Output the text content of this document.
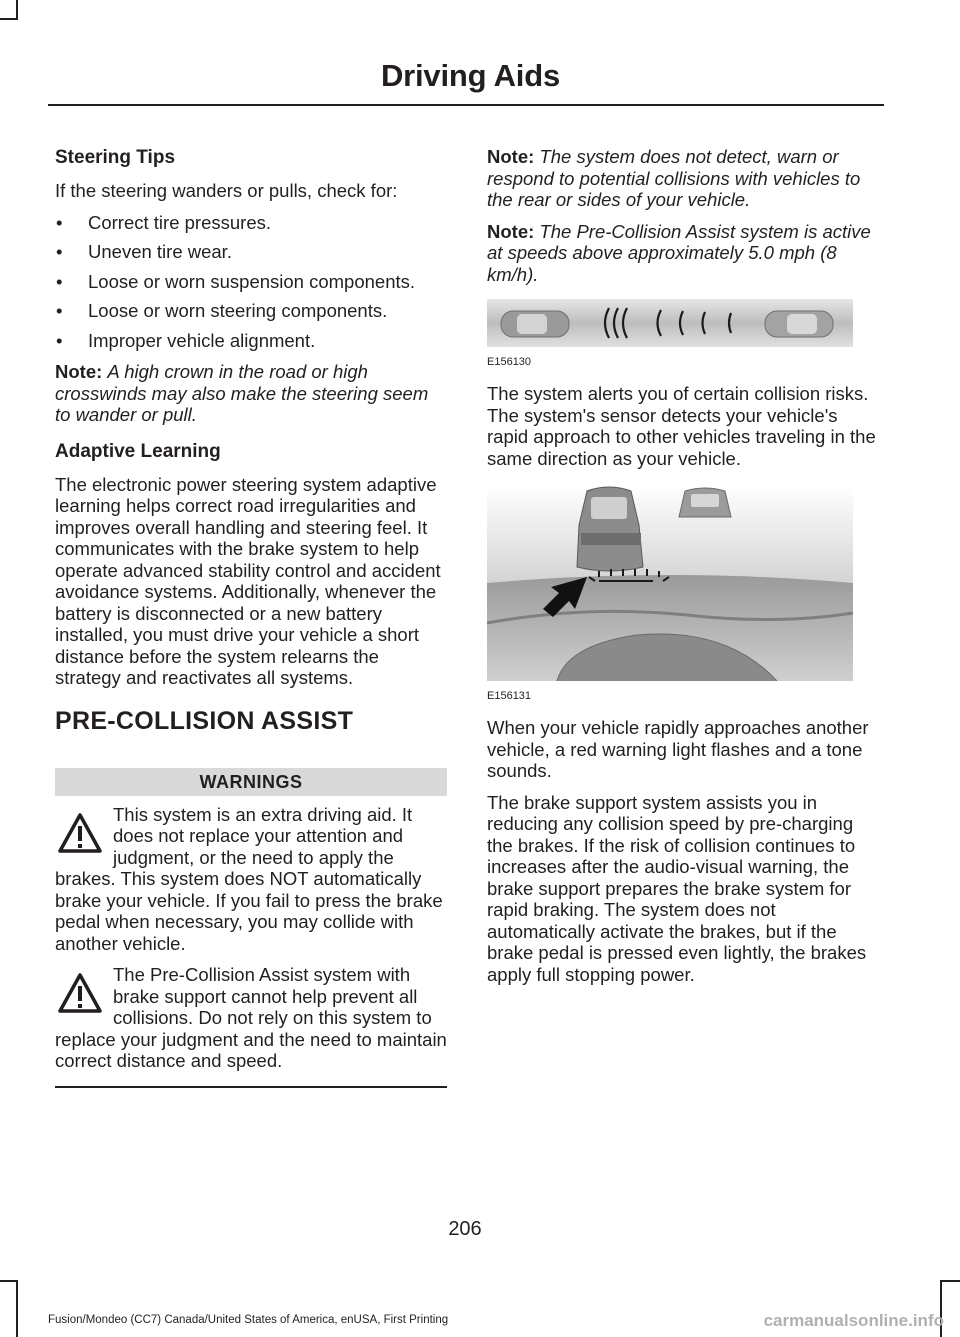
Driving Aids
Steering Tips

If the steering wanders or pulls, check for:

• Correct tire pressures.
• Uneven tire wear.
• Loose or worn suspension components.
• Loose or worn steering components.
• Improper vehicle alignment.
Note: A high crown in the road or high crosswinds may also make the steering seem to wander or pull.
Adaptive Learning

The electronic power steering system adaptive learning helps correct road irregularities and improves overall handling and steering feel. It communicates with the brake system to help operate advanced stability control and accident avoidance systems. Additionally, whenever the battery is disconnected or a new battery installed, you must drive your vehicle a short distance before the system relearns the strategy and reactivates all systems.

PRE-COLLISION ASSIST
WARNINGS
This system is an extra driving aid. It does not replace your attention and judgment, or the need to apply the brakes. This system does NOT automatically brake your vehicle. If you fail to press the brake pedal when necessary, you may collide with another vehicle.
The Pre-Collision Assist system with brake support cannot help prevent all collisions. Do not rely on this system to replace your judgment and the need to maintain correct distance and speed.
Note: The system does not detect, warn or respond to potential collisions with vehicles to the rear or sides of your vehicle.
Note: The Pre-Collision Assist system is active at speeds above approximately 5.0 mph (8 km/h).
E156130

The system alerts you of certain collision risks. The system's sensor detects your vehicle's rapid approach to other vehicles traveling in the same direction as your vehicle.

E156131

When your vehicle rapidly approaches another vehicle, a red warning light flashes and a tone sounds.

The brake support system assists you in reducing any collision speed by pre-charging the brakes. If the risk of collision continues to increases after the audio-visual warning, the brake support prepares the brake system for rapid braking. The system does not automatically activate the brakes, but if the brake pedal is pressed even lightly, the brakes apply full stopping power.

206
Fusion/Mondeo (CC7) Canada/United States of America, enUSA, First Printing	carmanualsonline.info
